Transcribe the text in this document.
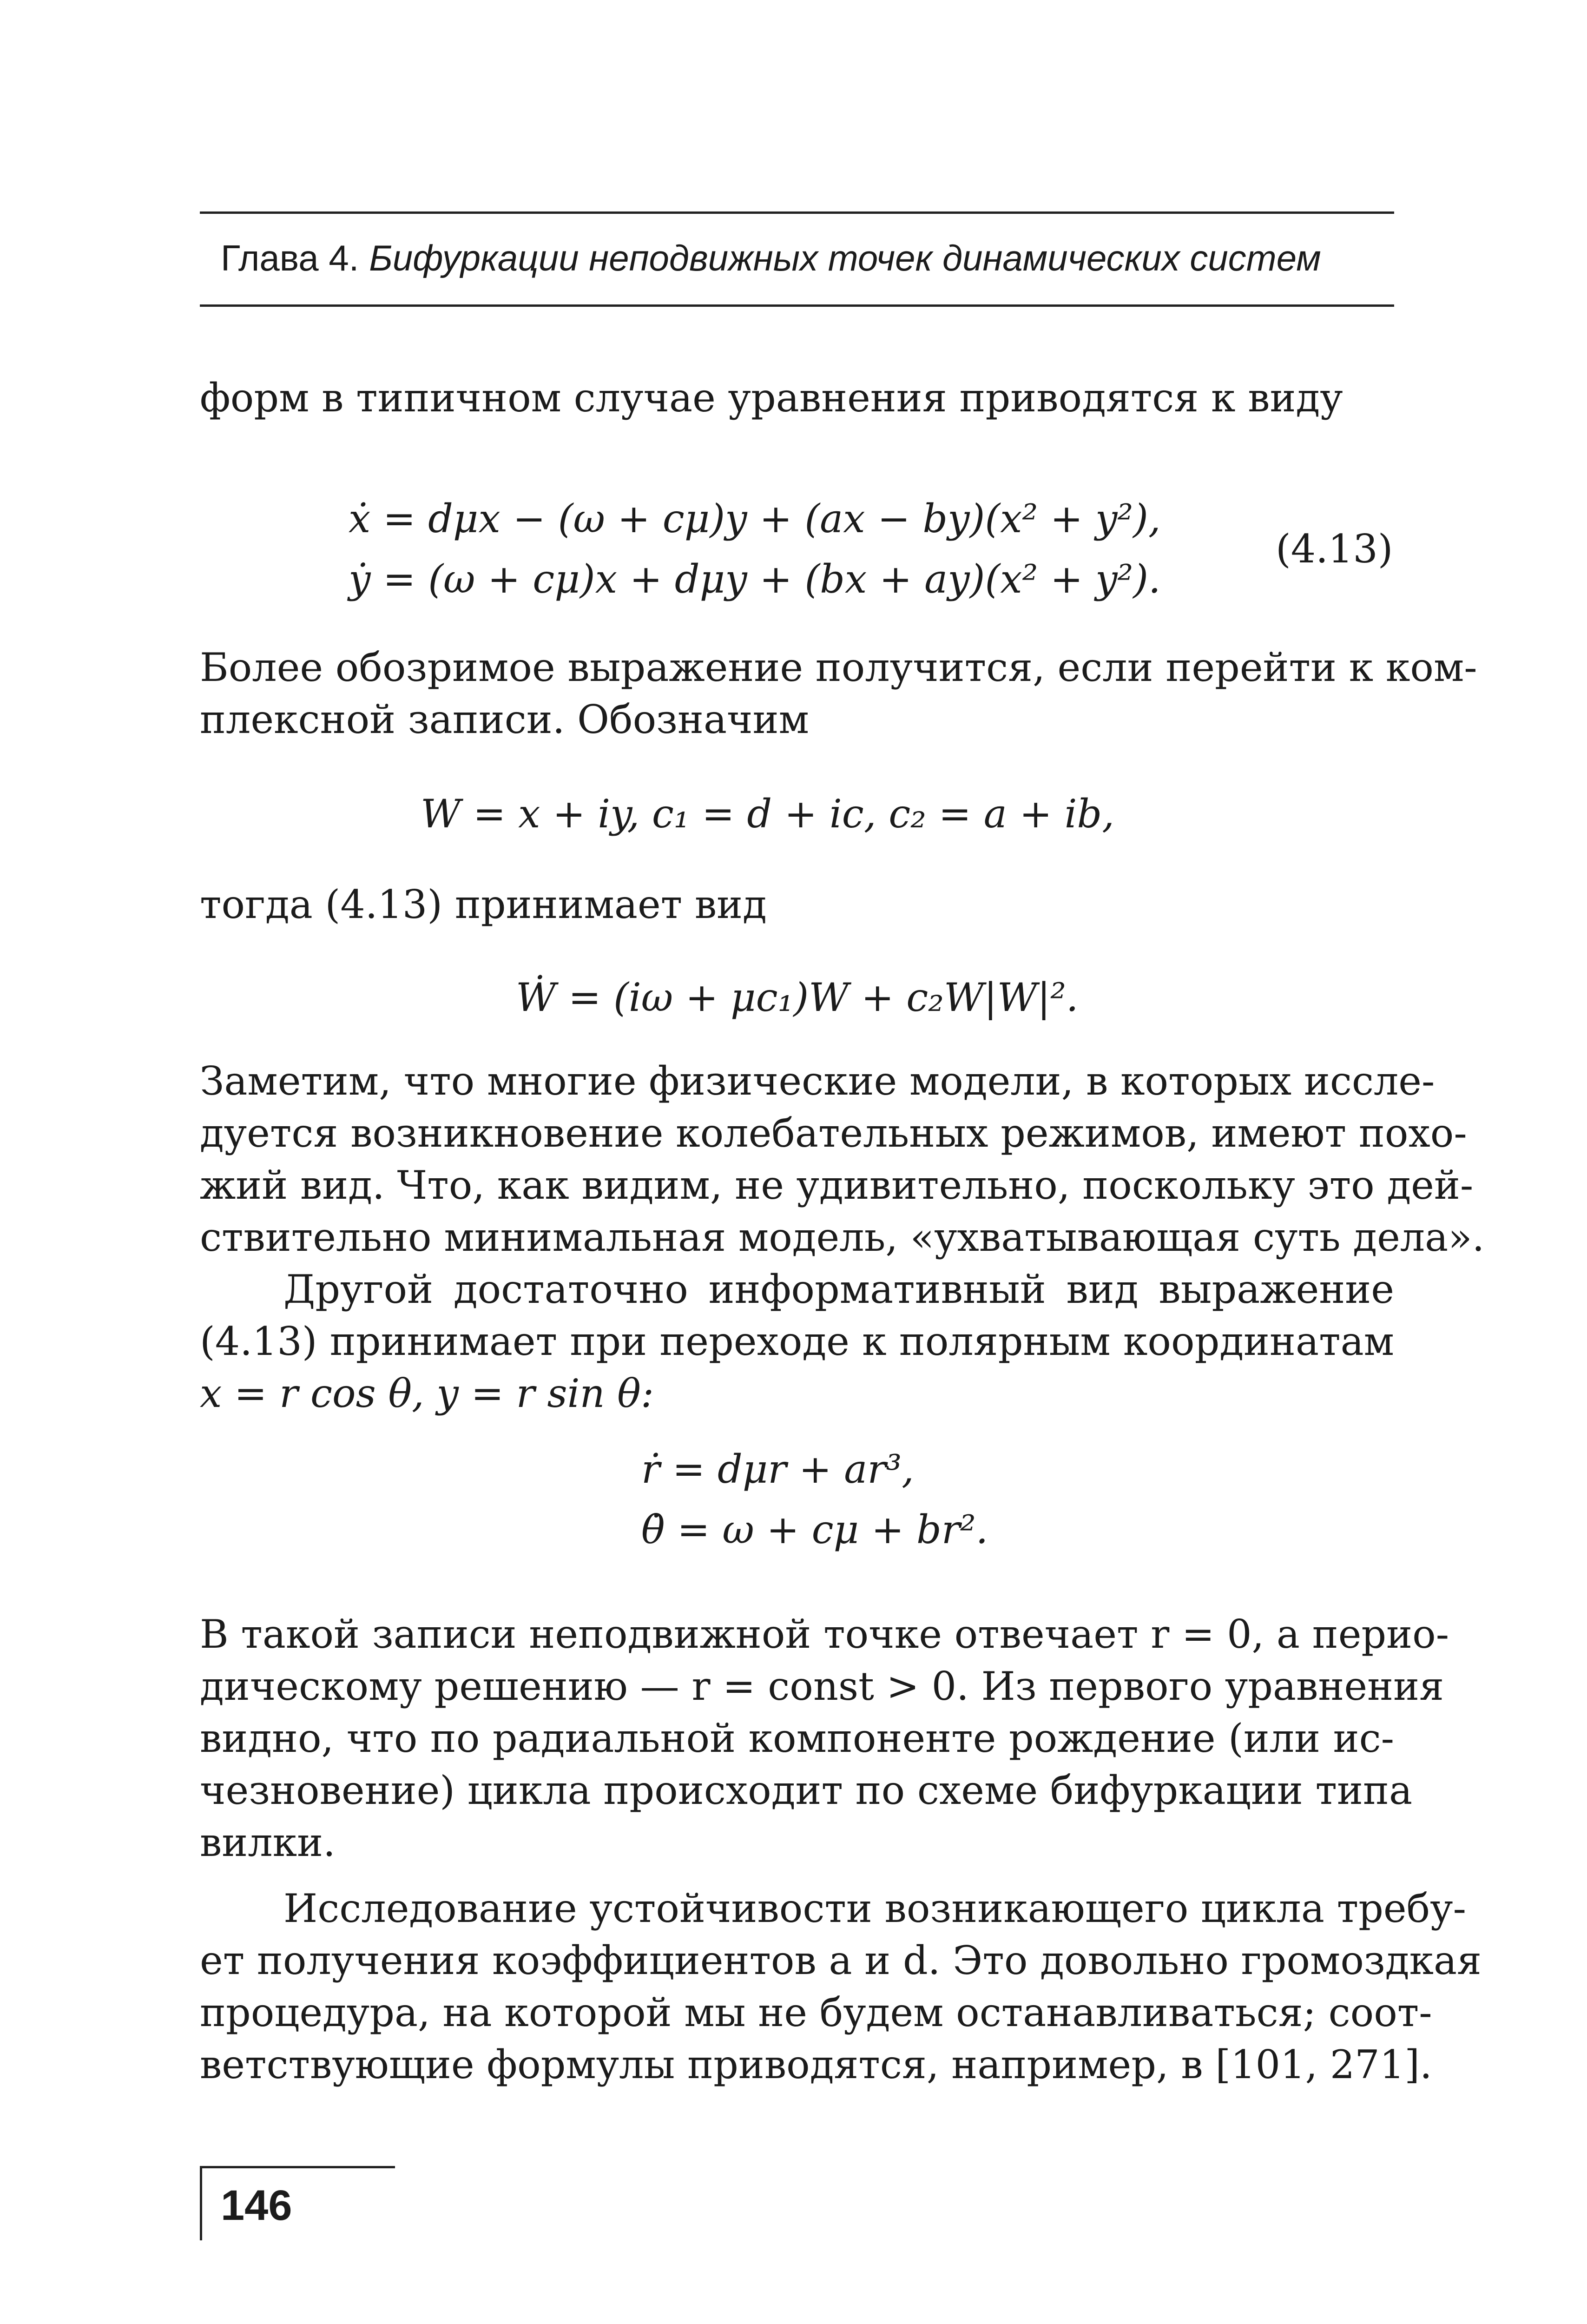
Глава 4. Бифуркации неподвижных точек динамических систем
форм в типичном случае уравнения приводятся к виду
ẋ = dμx − (ω + cμ)y + (ax − by)(x² + y²),
ẏ = (ω + cμ)x + dμy + (bx + ay)(x² + y²).
(4.13)
Более обозримое выражение получится, если перейти к ком-
плексной записи. Обозначим
W = x + iy, c₁ = d + ic, c₂ = a + ib,
тогда (4.13) принимает вид
Ẇ = (iω + μc₁)W + c₂W|W|².
Заметим, что многие физические модели, в которых иссле-
дуется возникновение колебательных режимов, имеют похо-
жий вид. Что, как видим, не удивительно, поскольку это дей-
ствительно минимальная модель, «ухватывающая суть дела».
Другой достаточно информативный вид выражение
(4.13) принимает при переходе к полярным координатам
x = r cos θ, y = r sin θ:
ṙ = dμr + ar³,
θ̇ = ω + cμ + br².
В такой записи неподвижной точке отвечает r = 0, а перио-
дическому решению — r = const > 0. Из первого уравнения
видно, что по радиальной компоненте рождение (или ис-
чезновение) цикла происходит по схеме бифуркации типа
вилки.
Исследование устойчивости возникающего цикла требу-
ет получения коэффициентов a и d. Это довольно громоздкая
процедура, на которой мы не будем останавливаться; соот-
ветствующие формулы приводятся, например, в [101, 271].
146
